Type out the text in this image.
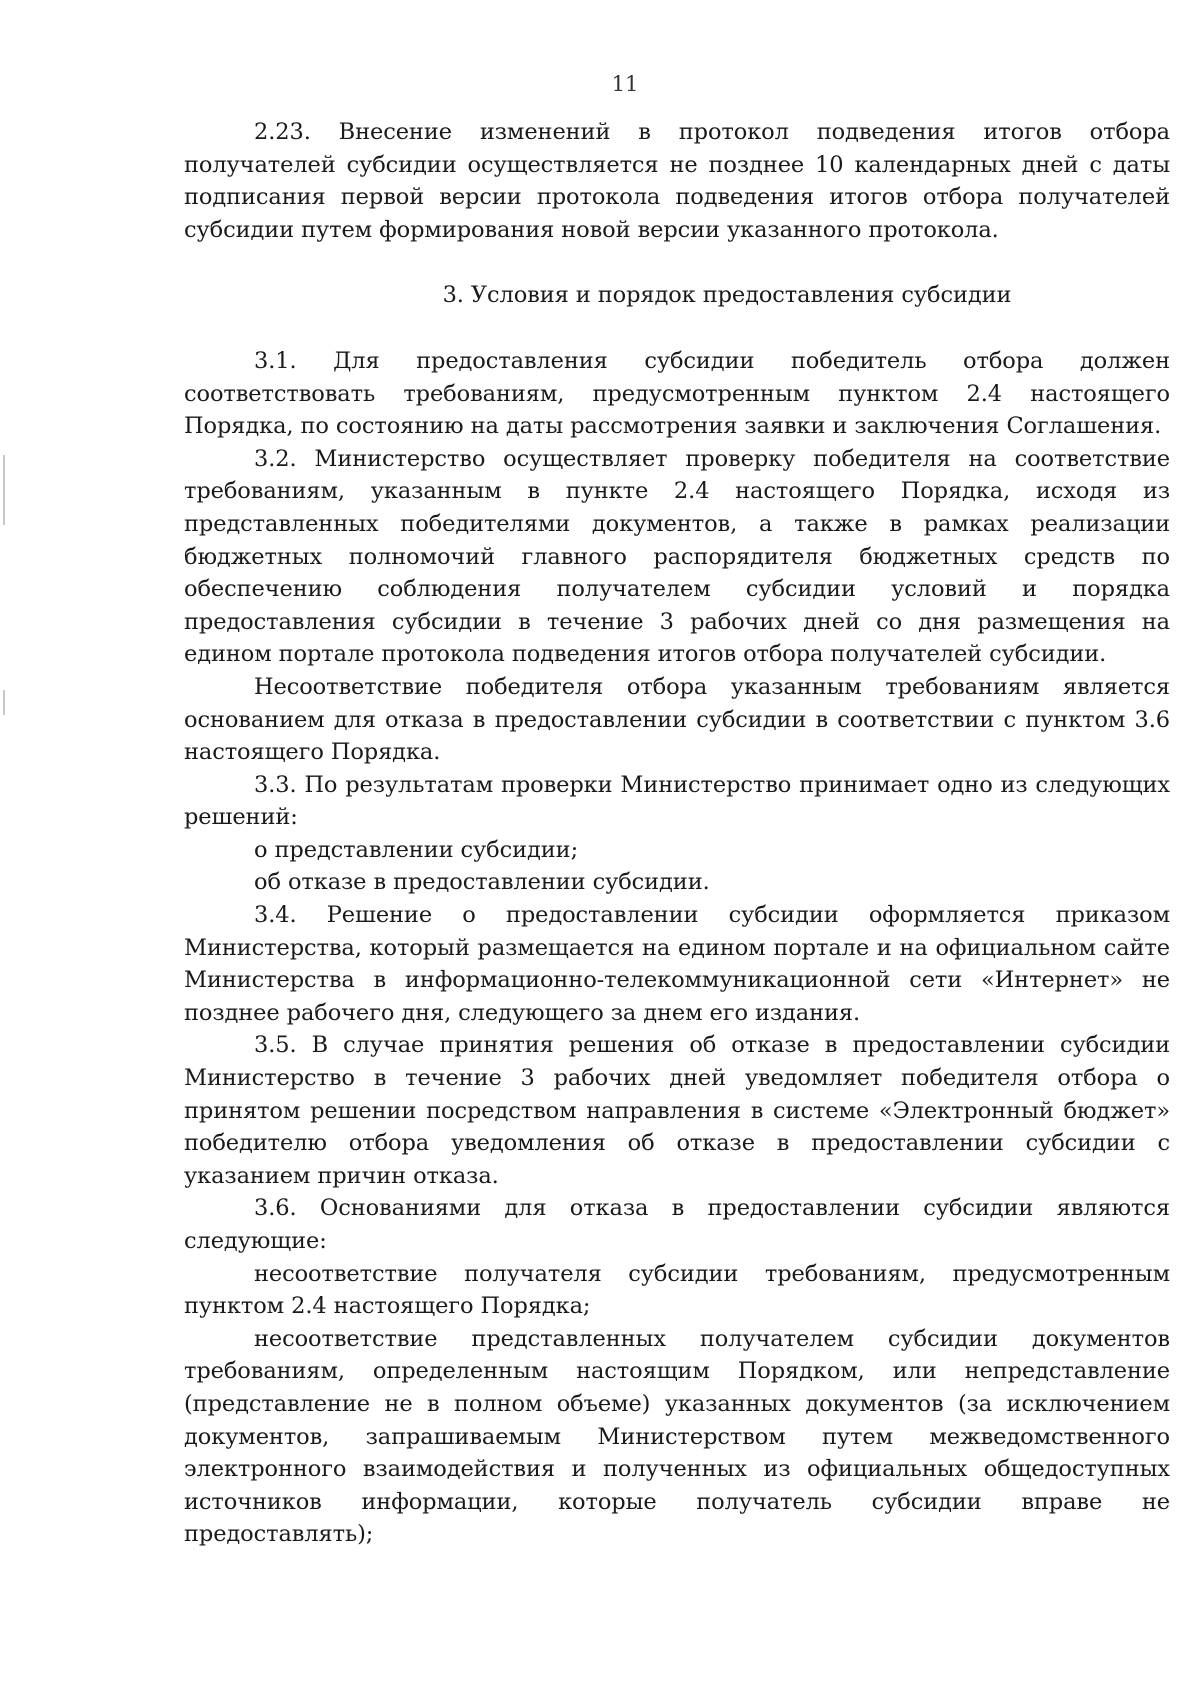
11

2.23. Внесение изменений в протокол подведения итогов отбора получателей субсидии осуществляется не позднее 10 календарных дней с даты подписания первой версии протокола подведения итогов отбора получателей субсидии путем формирования новой версии указанного протокола.

3. Условия и порядок предоставления субсидии

3.1. Для предоставления субсидии победитель отбора должен соответствовать требованиям, предусмотренным пунктом 2.4 настоящего Порядка, по состоянию на даты рассмотрения заявки и заключения Соглашения.

3.2. Министерство осуществляет проверку победителя на соответствие требованиям, указанным в пункте 2.4 настоящего Порядка, исходя из представленных победителями документов, а также в рамках реализации бюджетных полномочий главного распорядителя бюджетных средств по обеспечению соблюдения получателем субсидии условий и порядка предоставления субсидии в течение 3 рабочих дней со дня размещения на едином портале протокола подведения итогов отбора получателей субсидии.

Несоответствие победителя отбора указанным требованиям является основанием для отказа в предоставлении субсидии в соответствии с пунктом 3.6 настоящего Порядка.

3.3. По результатам проверки Министерство принимает одно из следующих решений:

о представлении субсидии;

об отказе в предоставлении субсидии.

3.4. Решение о предоставлении субсидии оформляется приказом Министерства, который размещается на едином портале и на официальном сайте Министерства в информационно-телекоммуникационной сети «Интернет» не позднее рабочего дня, следующего за днем его издания.

3.5. В случае принятия решения об отказе в предоставлении субсидии Министерство в течение 3 рабочих дней уведомляет победителя отбора о принятом решении посредством направления в системе «Электронный бюджет» победителю отбора уведомления об отказе в предоставлении субсидии с указанием причин отказа.

3.6. Основаниями для отказа в предоставлении субсидии являются следующие:

несоответствие получателя субсидии требованиям, предусмотренным пунктом 2.4 настоящего Порядка;

несоответствие представленных получателем субсидии документов требованиям, определенным настоящим Порядком, или непредставление (представление не в полном объеме) указанных документов (за исключением документов, запрашиваемым Министерством путем межведомственного электронного взаимодействия и полученных из официальных общедоступных источников информации, которые получатель субсидии вправе не предоставлять);
